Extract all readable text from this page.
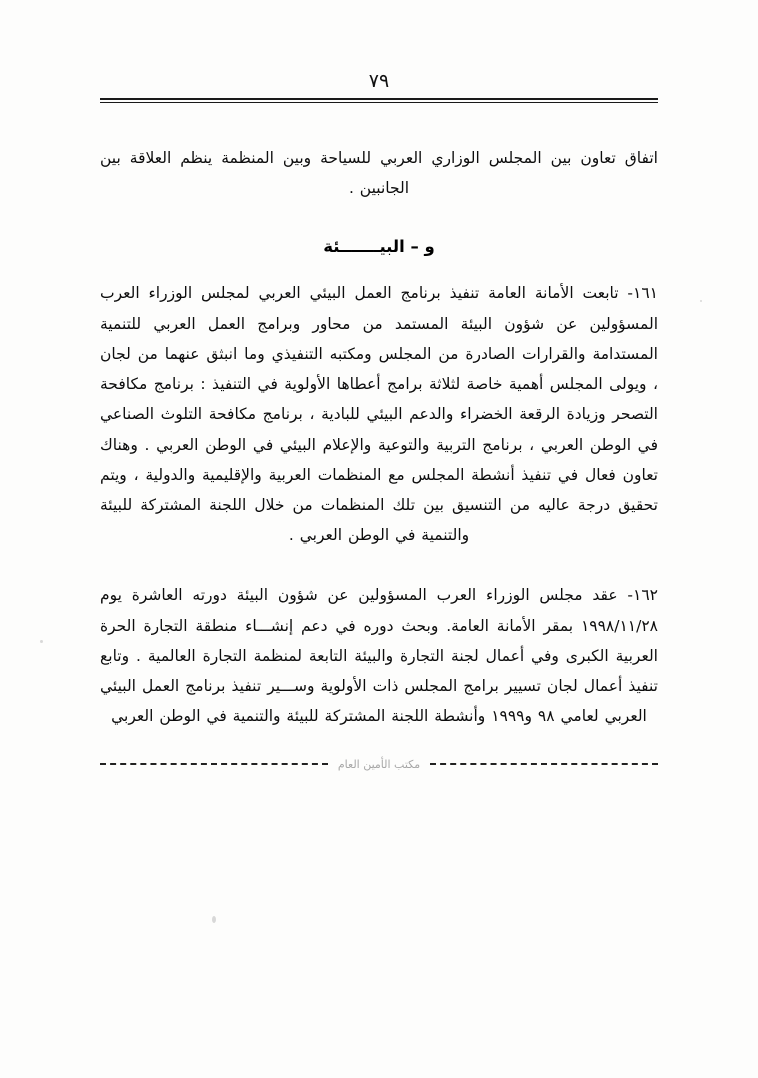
٧٩

اتفاق تعاون بين المجلس الوزاري العربي للسياحة وبين المنظمة ينظم العلاقة بين الجانبين .

و – البيـــــــئة

١٦١- تابعت الأمانة العامة تنفيذ برنامج العمل البيئي العربي لمجلس الوزراء العرب المسؤولين عن شؤون البيئة المستمد من محاور وبرامج العمل العربي للتنمية المستدامة والقرارات الصادرة من المجلس ومكتبه التنفيذي وما انبثق عنهما من لجان ، ويولى المجلس أهمية خاصة لثلاثة برامج أعطاها الأولوية في التنفيذ : برنامج مكافحة التصحر وزيادة الرقعة الخضراء والدعم البيئي للبادية ، برنامج مكافحة التلوث الصناعي في الوطن العربي ، برنامج التربية والتوعية والإعلام البيئي في الوطن العربي . وهناك تعاون فعال في تنفيذ أنشطة المجلس مع المنظمات العربية والإقليمية والدولية ، ويتم تحقيق درجة عاليه من التنسيق بين تلك المنظمات من خلال اللجنة المشتركة للبيئة والتنمية في الوطن العربي .

١٦٢- عقد مجلس الوزراء العرب المسؤولين عن شؤون البيئة دورته العاشرة يوم ١٩٩٨/١١/٢٨ بمقر الأمانة العامة. وبحث دوره في دعم إنشـــاء منطقة التجارة الحرة العربية الكبرى وفي أعمال لجنة التجارة والبيئة التابعة لمنظمة التجارة العالمية . وتابع تنفيذ أعمال لجان تسيير برامج المجلس ذات الأولوية وســـير تنفيذ برنامج العمل البيئي العربي لعامي ٩٨ و١٩٩٩ وأنشطة اللجنة المشتركة للبيئة والتنمية في الوطن العربي

مكتب الأمين العام
